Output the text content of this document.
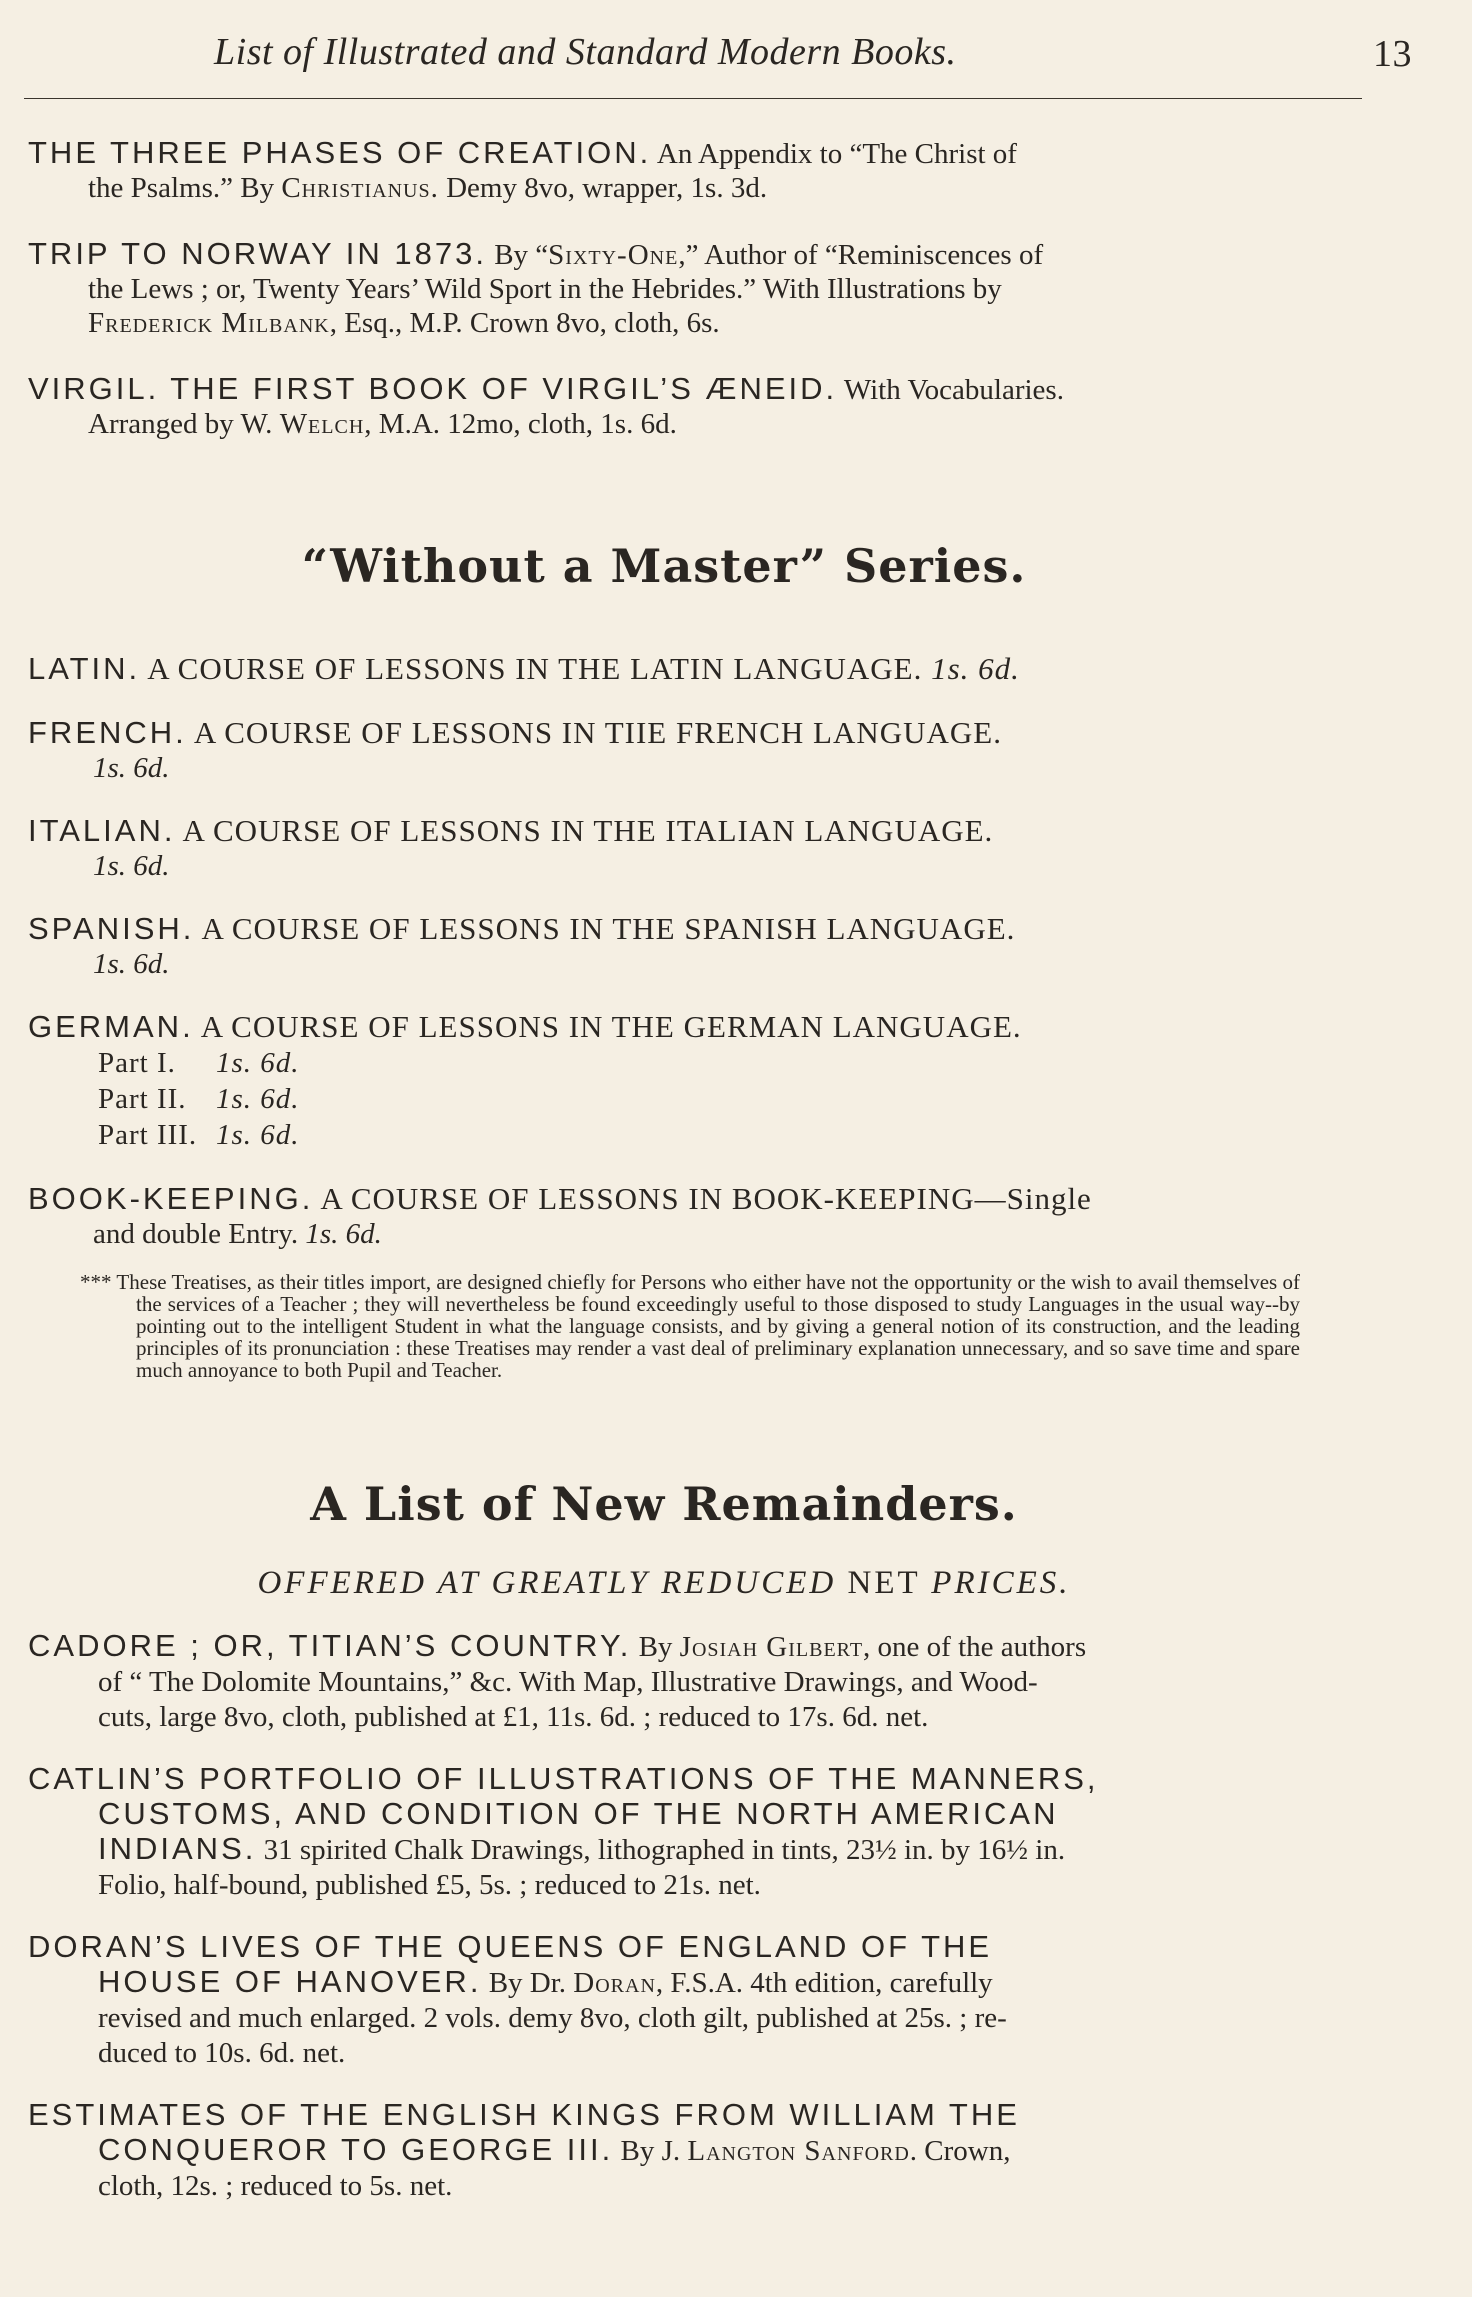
List of Illustrated and Standard Modern Books.	13
THE THREE PHASES OF CREATION. An Appendix to “The Christ of
the Psalms.” By Christianus. Demy 8vo, wrapper, 1s. 3d.
TRIP TO NORWAY IN 1873. By “Sixty-One,” Author of “Reminiscences of
the Lews ; or, Twenty Years’ Wild Sport in the Hebrides.” With Illustrations by
Frederick Milbank, Esq., M.P. Crown 8vo, cloth, 6s.
VIRGIL. THE FIRST BOOK OF VIRGIL’S ÆNEID. With Vocabularies.
Arranged by W. Welch, M.A. 12mo, cloth, 1s. 6d.
“Without a Master” Series.
LATIN. A COURSE OF LESSONS IN THE LATIN LANGUAGE. 1s. 6d.
FRENCH. A COURSE OF LESSONS IN TIIE FRENCH LANGUAGE.
1s. 6d.
ITALIAN. A COURSE OF LESSONS IN THE ITALIAN LANGUAGE.
1s. 6d.
SPANISH. A COURSE OF LESSONS IN THE SPANISH LANGUAGE.
1s. 6d.
GERMAN. A COURSE OF LESSONS IN THE GERMAN LANGUAGE.
Part I.	1s. 6d.
Part II.	1s. 6d.
Part III. 1s. 6d.
BOOK-KEEPING. A COURSE OF LESSONS IN BOOK-KEEPING—Single
and double Entry. 1s. 6d.
*** These Treatises, as their titles import, are designed chiefly for Persons who either have not the opportunity or the wish to avail themselves of the services of a Teacher ; they will nevertheless be found exceedingly useful to those disposed to study Languages in the usual way--by pointing out to the intelligent Student in what the language consists, and by giving a general notion of its construction, and the leading principles of its pronunciation : these Treatises may render a vast deal of preliminary explanation unnecessary, and so save time and spare much annoyance to both Pupil and Teacher.
A List of New Remainders.
OFFERED AT GREATLY REDUCED NET PRICES.
CADORE ; OR, TITIAN’S COUNTRY. By Josiah Gilbert, one of the authors
of “ The Dolomite Mountains,” &c. With Map, Illustrative Drawings, and Wood-
cuts, large 8vo, cloth, published at £1, 11s. 6d. ; reduced to 17s. 6d. net.
CATLIN’S PORTFOLIO OF ILLUSTRATIONS OF THE MANNERS,
CUSTOMS, AND CONDITION OF THE NORTH AMERICAN
INDIANS. 31 spirited Chalk Drawings, lithographed in tints, 23½ in. by 16½ in.
Folio, half-bound, published £5, 5s. ; reduced to 21s. net.
DORAN’S LIVES OF THE QUEENS OF ENGLAND OF THE
HOUSE OF HANOVER. By Dr. Doran, F.S.A. 4th edition, carefully
revised and much enlarged. 2 vols. demy 8vo, cloth gilt, published at 25s. ; re-
duced to 10s. 6d. net.
ESTIMATES OF THE ENGLISH KINGS FROM WILLIAM THE
CONQUEROR TO GEORGE III. By J. Langton Sanford. Crown,
cloth, 12s. ; reduced to 5s. net.
